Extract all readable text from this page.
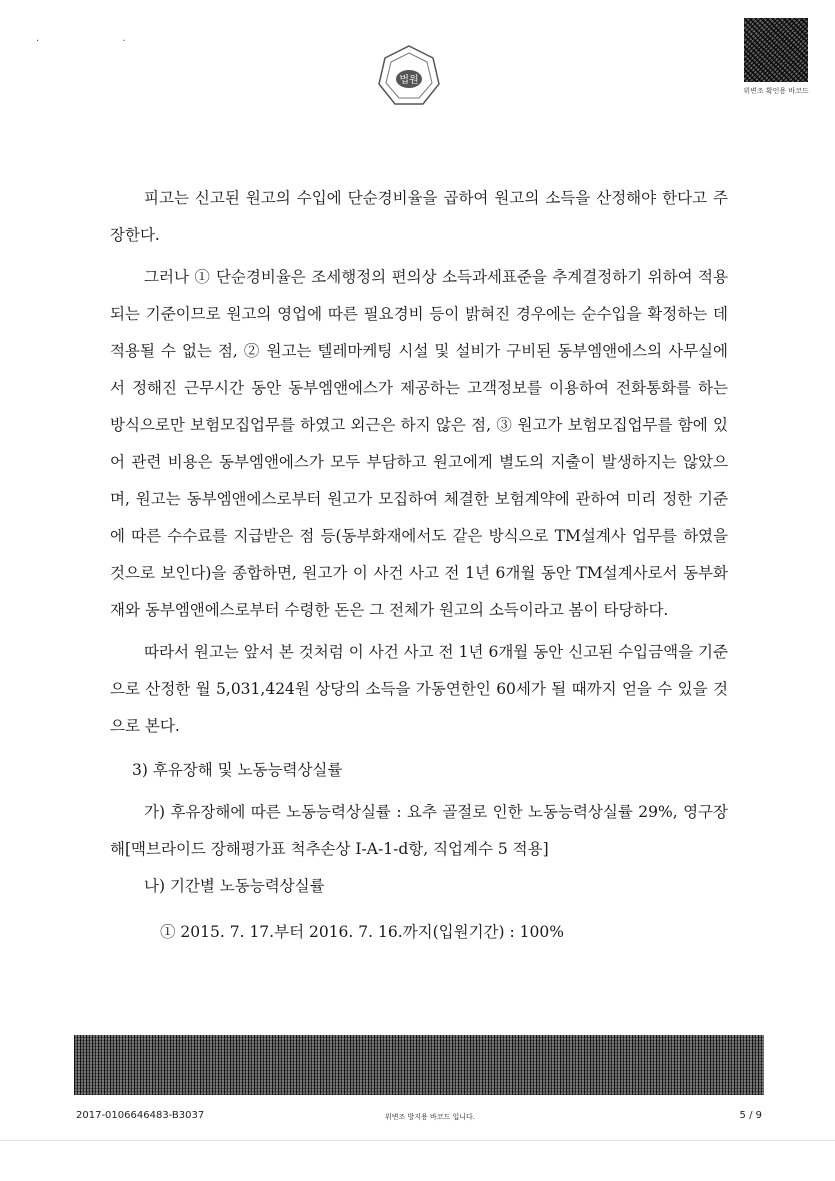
· ·
법원
위변조 확인용 바코드

피고는 신고된 원고의 수입에 단순경비율을 곱하여 원고의 소득을 산정해야 한다고 주장한다.

그러나 ① 단순경비율은 조세행정의 편의상 소득과세표준을 추계결정하기 위하여 적용되는 기준이므로 원고의 영업에 따른 필요경비 등이 밝혀진 경우에는 순수입을 확정하는 데 적용될 수 없는 점, ② 원고는 텔레마케팅 시설 및 설비가 구비된 동부엠앤에스의 사무실에서 정해진 근무시간 동안 동부엠앤에스가 제공하는 고객정보를 이용하여 전화통화를 하는 방식으로만 보험모집업무를 하였고 외근은 하지 않은 점, ③ 원고가 보험모집업무를 함에 있어 관련 비용은 동부엠앤에스가 모두 부담하고 원고에게 별도의 지출이 발생하지는 않았으며, 원고는 동부엠앤에스로부터 원고가 모집하여 체결한 보험계약에 관하여 미리 정한 기준에 따른 수수료를 지급받은 점 등(동부화재에서도 같은 방식으로 TM설계사 업무를 하였을 것으로 보인다)을 종합하면, 원고가 이 사건 사고 전 1년 6개월 동안 TM설계사로서 동부화재와 동부엠앤에스로부터 수령한 돈은 그 전체가 원고의 소득이라고 봄이 타당하다.

따라서 원고는 앞서 본 것처럼 이 사건 사고 전 1년 6개월 동안 신고된 수입금액을 기준으로 산정한 월 5,031,424원 상당의 소득을 가동연한인 60세가 될 때까지 얻을 수 있을 것으로 본다.

3) 후유장해 및 노동능력상실률

가) 후유장해에 따른 노동능력상실률 : 요추 골절로 인한 노동능력상실률 29%, 영구장해[맥브라이드 장해평가표 척추손상 Ⅰ-A-1-d항, 직업계수 5 적용]

나) 기간별 노동능력상실률

① 2015. 7. 17.부터 2016. 7. 16.까지(입원기간) : 100%

2017-0106646483-B3037	위변조 방지용 바코드 입니다.	5 / 9
